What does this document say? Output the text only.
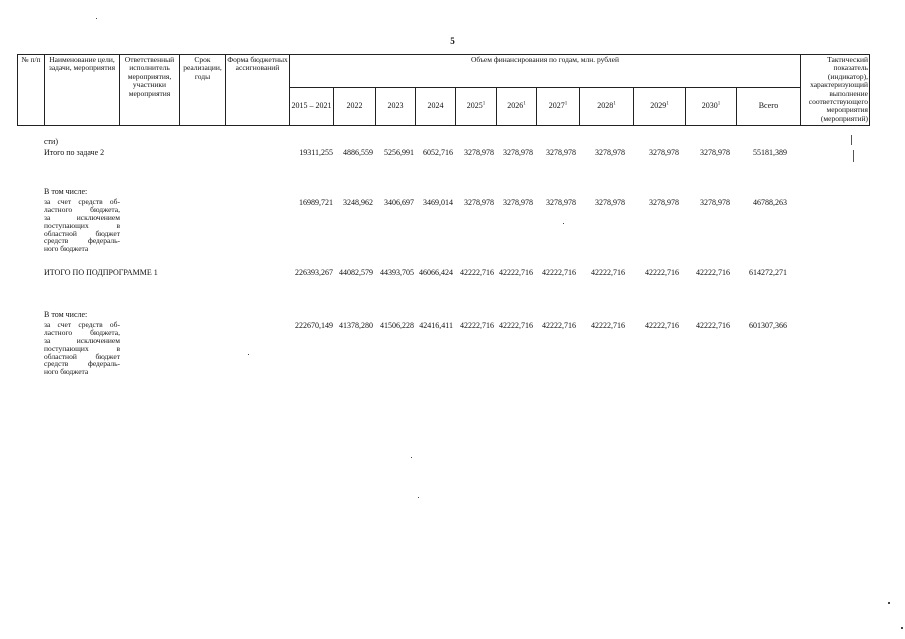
5
№ п/п	Наименование цели, задачи, мероприятия	Ответственный исполнитель мероприятия, участники мероприятия	Срок реализации, годы	Форма бюджетных ассигнований	Объем финансирования по годам, млн. рублей											Тактический показатель (индикатор), характеризующий выполнение соответствующего мероприятия (мероприятий)
					2015 – 2021	2022	2023	2024	2025$^1$	2026$^1$	2027$^1$	2028$^1$	2029$^1$	2030$^1$	Всего	
сти)
Итого по задаче 2	19311,255 4886,559 5256,991 6052,716 3278,978 3278,978 3278,978 3278,978	3278,978	3278,978	55181,389
В том числе:
за счет средств об-
ластного бюджета,
за исключением
поступающих в
областной бюджет
средств федераль-
ного бюджета
16989,721 3248,962 3406,697 3469,014 3278,978 3278,978 3278,978 3278,978	3278,978	3278,978	46788,263
ИТОГО ПО ПОДПРОГРАММЕ 1	226393,267 44082,579 44393,705 46066,424 42222,716 42222,716 42222,716 42222,716	42222,716 42222,716 614272,271
В том числе:
за счет средств об-
ластного бюджета,
за исключением
поступающих в
областной бюджет
средств федераль-
ного бюджета
222670,149 41378,280 41506,228 42416,411 42222,716 42222,716 42222,716 42222,716	42222,716 42222,716 601307,366
